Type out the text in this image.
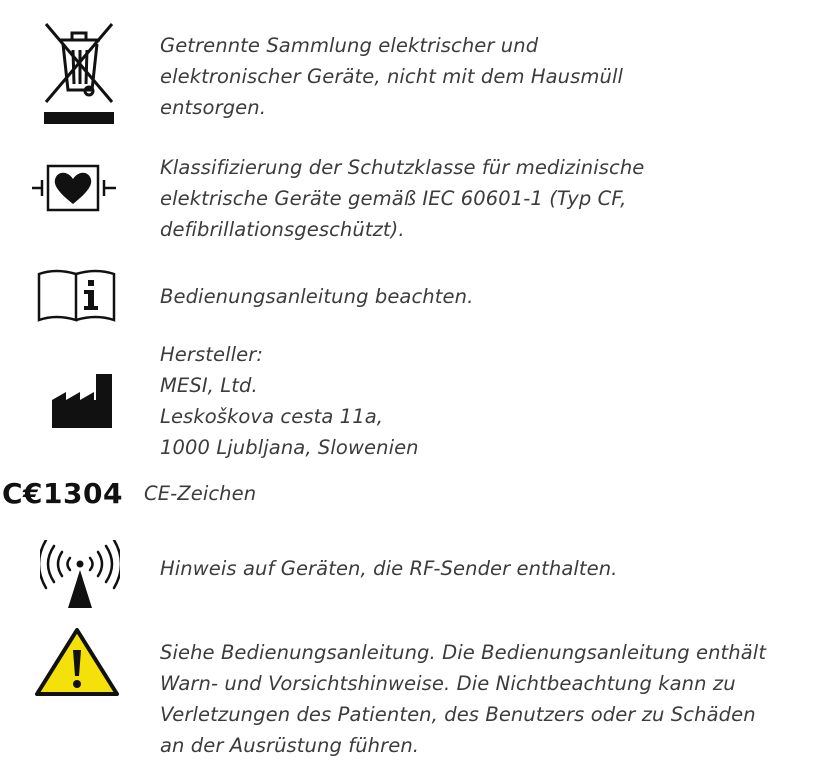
Getrennte Sammlung elektrischer und
elektronischer Geräte, nicht mit dem Hausmüll
entsorgen.
Klassifizierung der Schutzklasse für medizinische
elektrische Geräte gemäß IEC 60601-1 (Typ CF,
defibrillationsgeschützt).
Bedienungsanleitung beachten.
Hersteller:
MESI, Ltd.
Leskoškova cesta 11a,
1000 Ljubljana, Slowenien
C€1304 CE-Zeichen
Hinweis auf Geräten, die RF-Sender enthalten.
Siehe Bedienungsanleitung. Die Bedienungsanleitung enthält
Warn- und Vorsichtshinweise. Die Nichtbeachtung kann zu
Verletzungen des Patienten, des Benutzers oder zu Schäden
an der Ausrüstung führen.
